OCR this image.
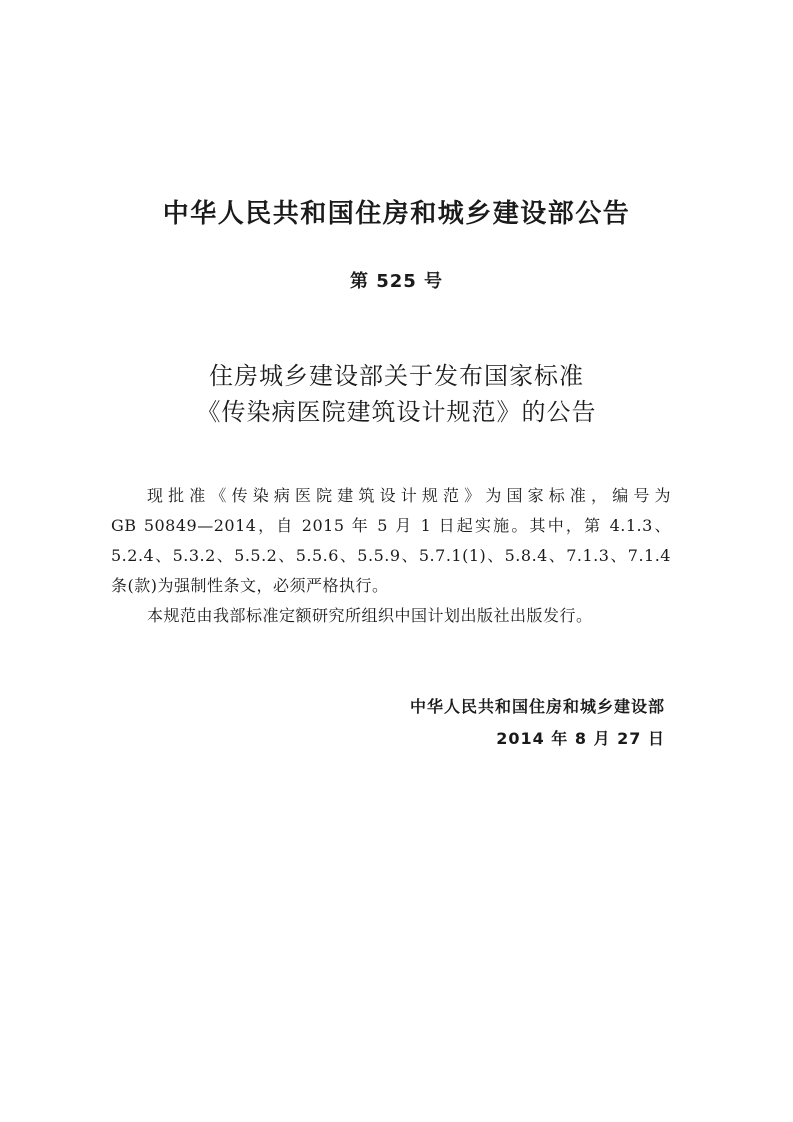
中华人民共和国住房和城乡建设部公告
第 525 号
住房城乡建设部关于发布国家标准
《传染病医院建筑设计规范》的公告
现批准《传染病医院建筑设计规范》为国家标准，编号为
GB 50849—2014，自 2015 年 5 月 1 日起实施。其中，第 4.1.3、
5.2.4、5.3.2、5.5.2、5.5.6、5.5.9、5.7.1(1)、5.8.4、7.1.3、7.1.4
条(款)为强制性条文，必须严格执行。
本规范由我部标准定额研究所组织中国计划出版社出版发行。
中华人民共和国住房和城乡建设部
2014 年 8 月 27 日
